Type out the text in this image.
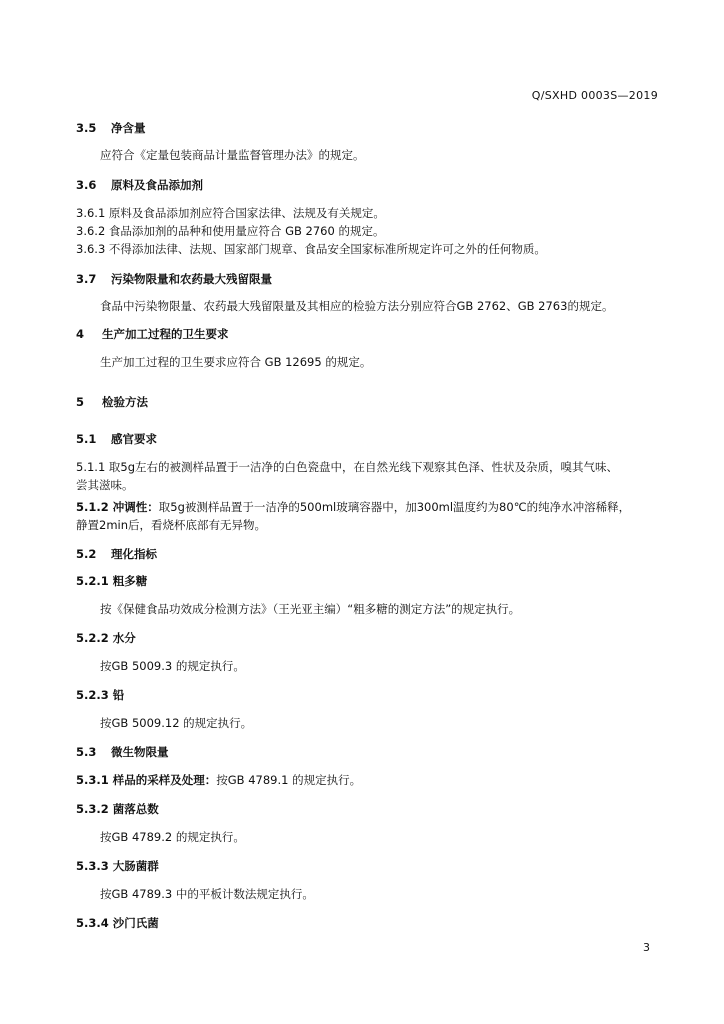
Q/SXHD 0003S—2019
3.5 净含量
应符合《定量包装商品计量监督管理办法》的规定。
3.6 原料及食品添加剂
3.6.1 原料及食品添加剂应符合国家法律、法规及有关规定。
3.6.2 食品添加剂的品种和使用量应符合 GB 2760 的规定。
3.6.3 不得添加法律、法规、国家部门规章、食品安全国家标准所规定许可之外的任何物质。
3.7 污染物限量和农药最大残留限量
食品中污染物限量、农药最大残留限量及其相应的检验方法分别应符合GB 2762、GB 2763的规定。
4 生产加工过程的卫生要求
生产加工过程的卫生要求应符合 GB 12695 的规定。
5 检验方法
5.1 感官要求
5.1.1 取5g左右的被测样品置于一洁净的白色瓷盘中，在自然光线下观察其色泽、性状及杂质，嗅其气味、
尝其滋味。
5.1.2 冲调性：取5g被测样品置于一洁净的500ml玻璃容器中，加300ml温度约为80℃的纯净水冲溶稀释，
静置2min后，看烧杯底部有无异物。
5.2 理化指标
5.2.1 粗多糖
按《保健食品功效成分检测方法》（王光亚主编）“粗多糖的测定方法”的规定执行。
5.2.2 水分
按GB 5009.3 的规定执行。
5.2.3 铅
按GB 5009.12 的规定执行。
5.3 微生物限量
5.3.1 样品的采样及处理：按GB 4789.1 的规定执行。
5.3.2 菌落总数
按GB 4789.2 的规定执行。
5.3.3 大肠菌群
按GB 4789.3 中的平板计数法规定执行。
5.3.4 沙门氏菌
3
